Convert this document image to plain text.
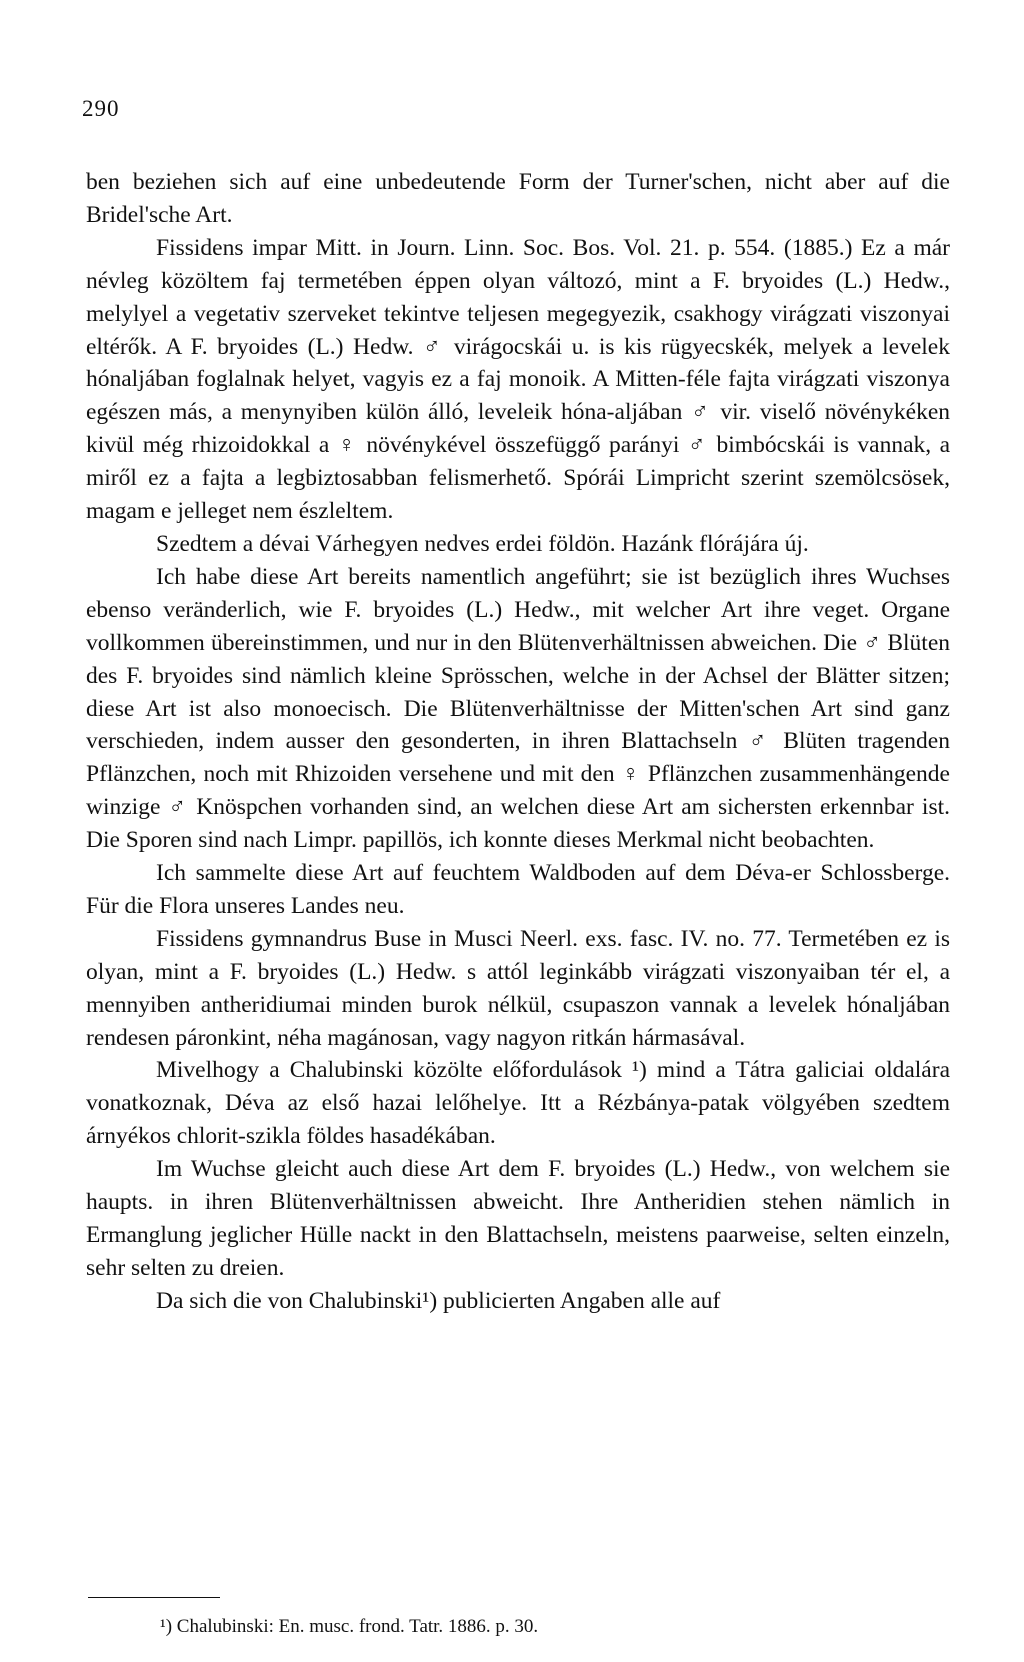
290

ben beziehen sich auf eine unbedeutende Form der Turner'schen, nicht aber auf die Bridel'sche Art.

Fissidens impar Mitt. in Journ. Linn. Soc. Bos. Vol. 21. p. 554. (1885.) Ez a már névleg közöltem faj termetében éppen olyan változó, mint a F. bryoides (L.) Hedw., melylyel a vegetativ szerveket tekintve teljesen megegyezik, csakhogy virágzati viszonyai eltérők. A F. bryoides (L.) Hedw. ♂ virágocskái u. is kis rügyecskék, melyek a levelek hónaljában foglalnak helyet, vagyis ez a faj monoik. A Mitten-féle fajta virágzati viszonya egészen más, a menynyiben külön álló, leveleik hóna-aljában ♂ vir. viselő növénykéken kivül még rhizoidokkal a ♀ növénykével összefüggő parányi ♂ bimbócskái is vannak, a miről ez a fajta a legbiztosabban felismerhető. Spórái Limpricht szerint szemölcsösek, magam e jelleget nem észleltem.

Szedtem a dévai Várhegyen nedves erdei földön. Hazánk flórájára új.

Ich habe diese Art bereits namentlich angeführt; sie ist bezüglich ihres Wuchses ebenso veränderlich, wie F. bryoides (L.) Hedw., mit welcher Art ihre veget. Organe vollkommen übereinstimmen, und nur in den Blütenverhältnissen abweichen. Die ♂ Blüten des F. bryoides sind nämlich kleine Sprösschen, welche in der Achsel der Blätter sitzen; diese Art ist also monoecisch. Die Blütenverhältnisse der Mitten'schen Art sind ganz verschieden, indem ausser den gesonderten, in ihren Blattachseln ♂ Blüten tragenden Pflänzchen, noch mit Rhizoiden versehene und mit den ♀ Pflänzchen zusammenhängende winzige ♂ Knöspchen vorhanden sind, an welchen diese Art am sichersten erkennbar ist. Die Sporen sind nach Limpr. papillös, ich konnte dieses Merkmal nicht beobachten.

Ich sammelte diese Art auf feuchtem Waldboden auf dem Déva-er Schlossberge. Für die Flora unseres Landes neu.

Fissidens gymnandrus Buse in Musci Neerl. exs. fasc. IV. no. 77. Termetében ez is olyan, mint a F. bryoides (L.) Hedw. s attól leginkább virágzati viszonyaiban tér el, a mennyiben antheridiumai minden burok nélkül, csupaszon vannak a levelek hónaljában rendesen páronkint, néha magánosan, vagy nagyon ritkán hármasával.

Mivelhogy a Chalubinski közölte előfordulások ¹) mind a Tátra galiciai oldalára vonatkoznak, Déva az első hazai lelőhelye. Itt a Rézbánya-patak völgyében szedtem árnyékos chlorit-szikla földes hasadékában.

Im Wuchse gleicht auch diese Art dem F. bryoides (L.) Hedw., von welchem sie haupts. in ihren Blütenverhältnissen abweicht. Ihre Antheridien stehen nämlich in Ermanglung jeglicher Hülle nackt in den Blattachseln, meistens paarweise, selten einzeln, sehr selten zu dreien.

Da sich die von Chalubinski¹) publicierten Angaben alle auf

¹) Chalubinski: En. musc. frond. Tatr. 1886. p. 30.
